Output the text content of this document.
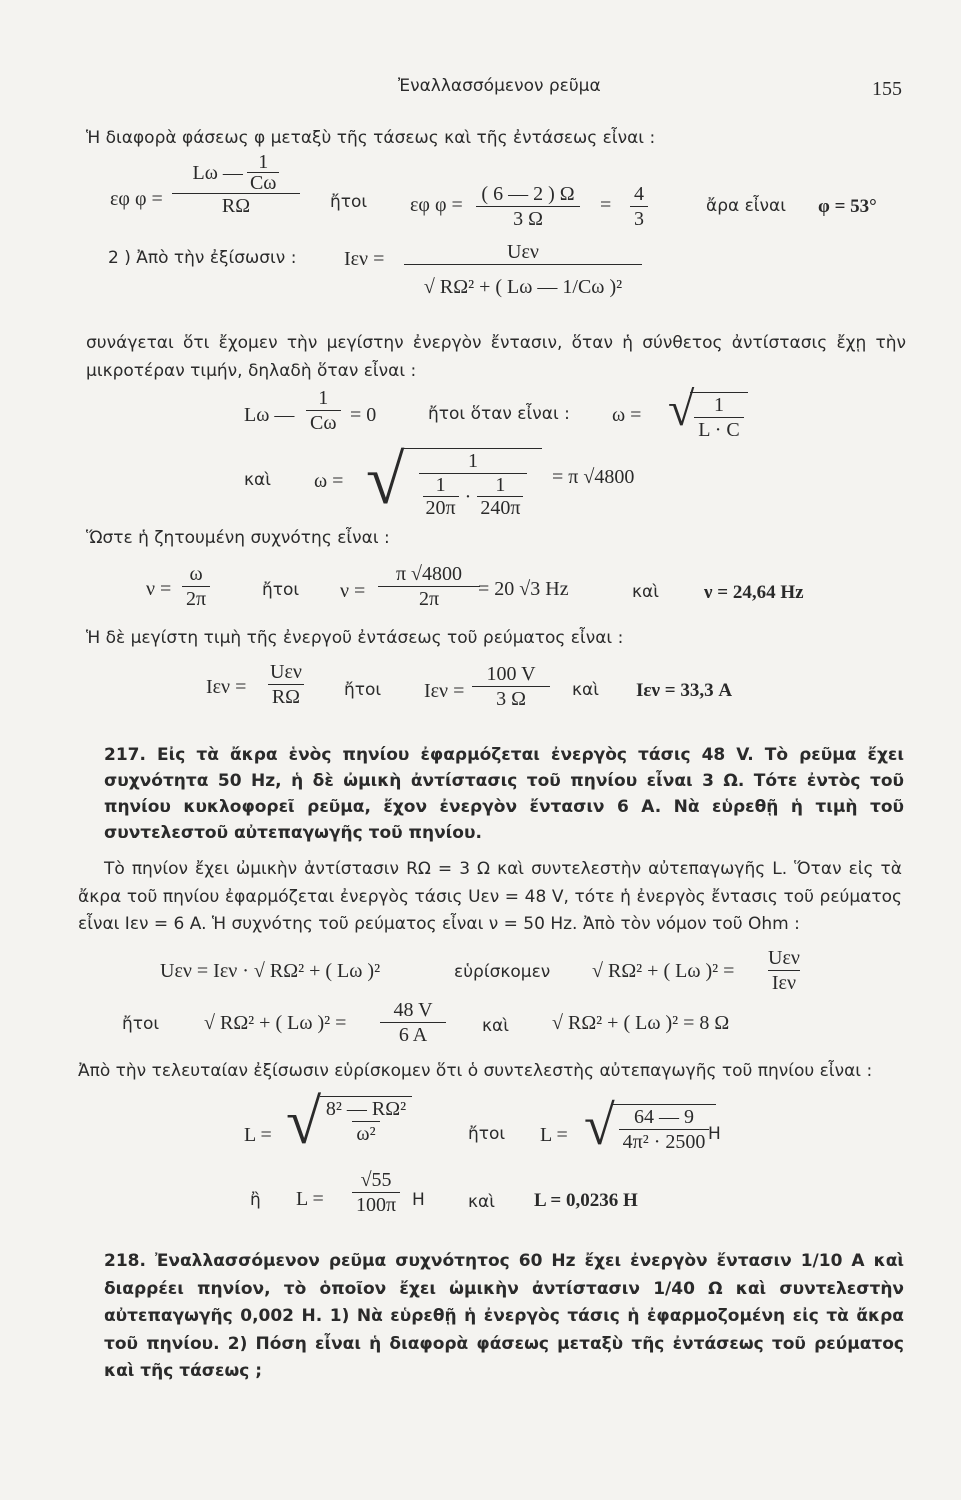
Ἐναλλασσόμενον ρεῦμα	155
Ἡ διαφορὰ φάσεως φ μεταξὺ τῆς τάσεως καὶ τῆς ἐντάσεως εἶναι :
εφ $\varphi = \frac{L\omega — \frac{1}{C\omega}}{R\Omega}$ ἤτοι εφ $\varphi = \frac{( 6 — 2 ) \Omega}{3 \Omega} = \frac{4}{3}$	ἄρα εἶναι φ = 53°
2 ) Ἀπὸ τὴν ἐξίσωσιν : Iεν =	Uεν
√ RΩ² + ( Lω — 1/Cω )²
συνάγεται ὅτι ἔχομεν τὴν μεγίστην ἐνεργὸν ἔντασιν, ὅταν ἡ σύνθετος ἀντίστασις ἔχῃ τὴν μικροτέραν τιμήν, δηλαδὴ ὅταν εἶναι :
Lω — $\frac{1}{C\omega} = 0$	ἤτοι ὅταν εἶναι : ω = √
$\frac{1}{L \cdot C}$
καὶ ω = √ $\frac{1}{\frac{1}{20\pi} \cdot \frac{1}{240\pi}} = \pi$ √4800
Ὥστε ἡ ζητουμένη συχνότης εἶναι :
$\nu = \frac{\omega}{2\pi}$	ἤτοι $\nu = \frac{\pi √4800}{2\pi}$
= 20 √3 Hz	καὶ ν = 24,64 Hz
Ἡ δὲ μεγίστη τιμὴ τῆς ἐνεργοῦ ἐντάσεως τοῦ ρεύματος εἶναι :
Iεν =
Uεν
RΩ	ἤτοι $I\varepsilon\nu = \frac{100 V}{3 \Omega}$ καὶ Iεν = 33,3 A
217. Εἰς τὰ ἄκρα ἑνὸς πηνίου ἐφαρμόζεται ἐνεργὸς τάσις 48 V. Τὸ ρεῦμα ἔχει συχνότητα 50 Hz, ἡ δὲ ὠμικὴ ἀντίστασις τοῦ πηνίου εἶναι 3 Ω. Τότε ἐντὸς τοῦ πηνίου κυκλοφορεῖ ρεῦμα, ἔχον ἐνεργὸν ἔντασιν 6 A. Νὰ εὑρεθῇ ἡ τιμὴ τοῦ συντελεστοῦ αὐτεπαγωγῆς τοῦ πηνίου.
Τὸ πηνίον ἔχει ὠμικὴν ἀντίστασιν RΩ = 3 Ω καὶ συντελεστὴν αὐτεπαγωγῆς L. Ὅταν εἰς τὰ ἄκρα τοῦ πηνίου ἐφαρμόζεται ἐνεργὸς τάσις Uεν = 48 V, τότε ἡ ἐνεργὸς ἔντασις τοῦ ρεύματος εἶναι Iεν = 6 A. Ἡ συχνότης τοῦ ρεύματος εἶναι ν = 50 Hz. Ἀπὸ τὸν νόμον τοῦ Ohm :
Uεν = Iεν · √ RΩ² + ( Lω )²	εὑρίσκομεν √ RΩ² + ( Lω )² =
Uεν
Iεν
ἤτοι √ RΩ² + ( Lω )$^2 = \frac{48 V}{6 A}$ καὶ √ RΩ² + ( Lω )² = 8 Ω
Ἀπὸ τὴν τελευταίαν ἐξίσωσιν εὑρίσκομεν ὅτι ὁ συντελεστὴς αὐτεπαγωγῆς τοῦ πηνίου εἶναι :
L = √
$\frac{\text{8² — RΩ²}}{\text{ω²}}$	ἤτοι L = √
$\frac{64 — 9}{\text{4π² · 2500}}$
H
ἢ $L = \frac{√55}{100\pi}$ H	καὶ L = 0,0236 H
218. Ἐναλλασσόμενον ρεῦμα συχνότητος 60 Hz ἔχει ἐνεργὸν ἔντασιν 1/10 A καὶ διαρρέει πηνίον, τὸ ὁποῖον ἔχει ὠμικὴν ἀντίστασιν 1/40 Ω καὶ συντελεστὴν αὐτεπαγωγῆς 0,002 H. 1) Νὰ εὑρεθῇ ἡ ἐνεργὸς τάσις ἡ ἐφαρμοζομένη εἰς τὰ ἄκρα τοῦ πηνίου. 2) Πόση εἶναι ἡ διαφορὰ φάσεως μεταξὺ τῆς ἐντάσεως τοῦ ρεύματος καὶ τῆς τάσεως ;
